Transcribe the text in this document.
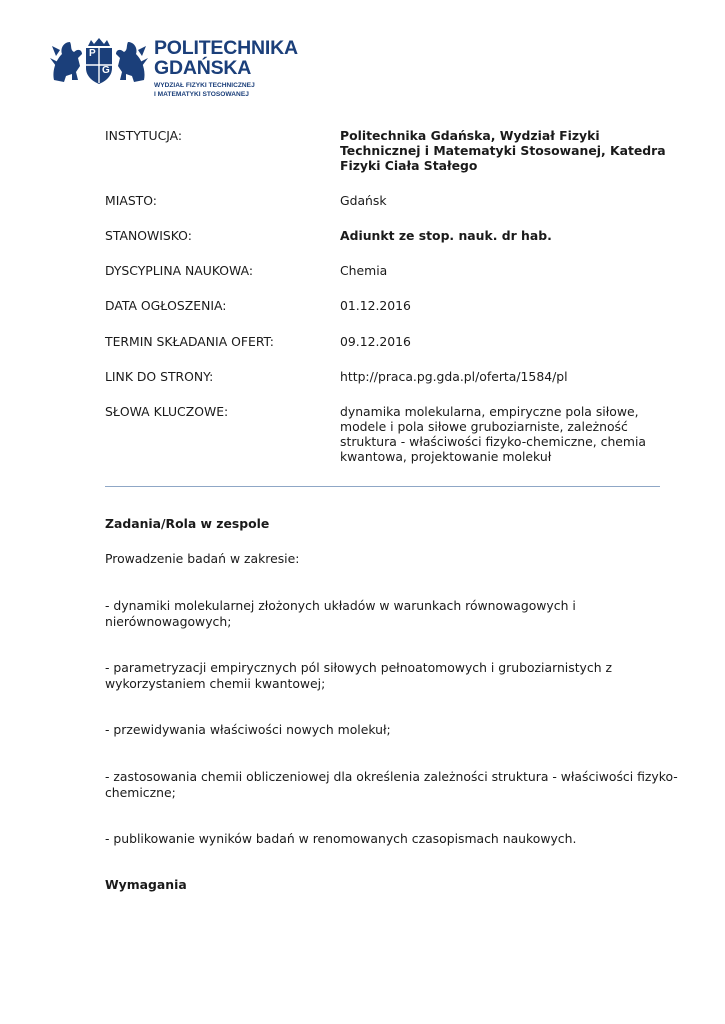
P
G
POLITECHNIKA
GDAŃSKA
WYDZIAŁ FIZYKI TECHNICZNEJ
I MATEMATYKI STOSOWANEJ
INSTYTUCJA:	Politechnika Gdańska, Wydział Fizyki Technicznej i Matematyki Stosowanej, Katedra Fizyki Ciała Stałego
MIASTO:	Gdańsk
STANOWISKO:	Adiunkt ze stop. nauk. dr hab.
DYSCYPLINA NAUKOWA:	Chemia
DATA OGŁOSZENIA:	01.12.2016
TERMIN SKŁADANIA OFERT:	09.12.2016
LINK DO STRONY:	http://praca.pg.gda.pl/oferta/1584/pl
SŁOWA KLUCZOWE:	dynamika molekularna, empiryczne pola siłowe, modele i pola siłowe gruboziarniste, zależność struktura - właściwości fizyko-chemiczne, chemia kwantowa, projektowanie molekuł
Zadania/Rola w zespole
Prowadzenie badań w zakresie:
- dynamiki molekularnej złożonych układów w warunkach równowagowych i nierównowagowych;
- parametryzacji empirycznych pól siłowych pełnoatomowych i gruboziarnistych z wykorzystaniem chemii kwantowej;
- przewidywania właściwości nowych molekuł;
- zastosowania chemii obliczeniowej dla określenia zależności struktura - właściwości fizyko-chemiczne;
- publikowanie wyników badań w renomowanych czasopismach naukowych.
Wymagania
